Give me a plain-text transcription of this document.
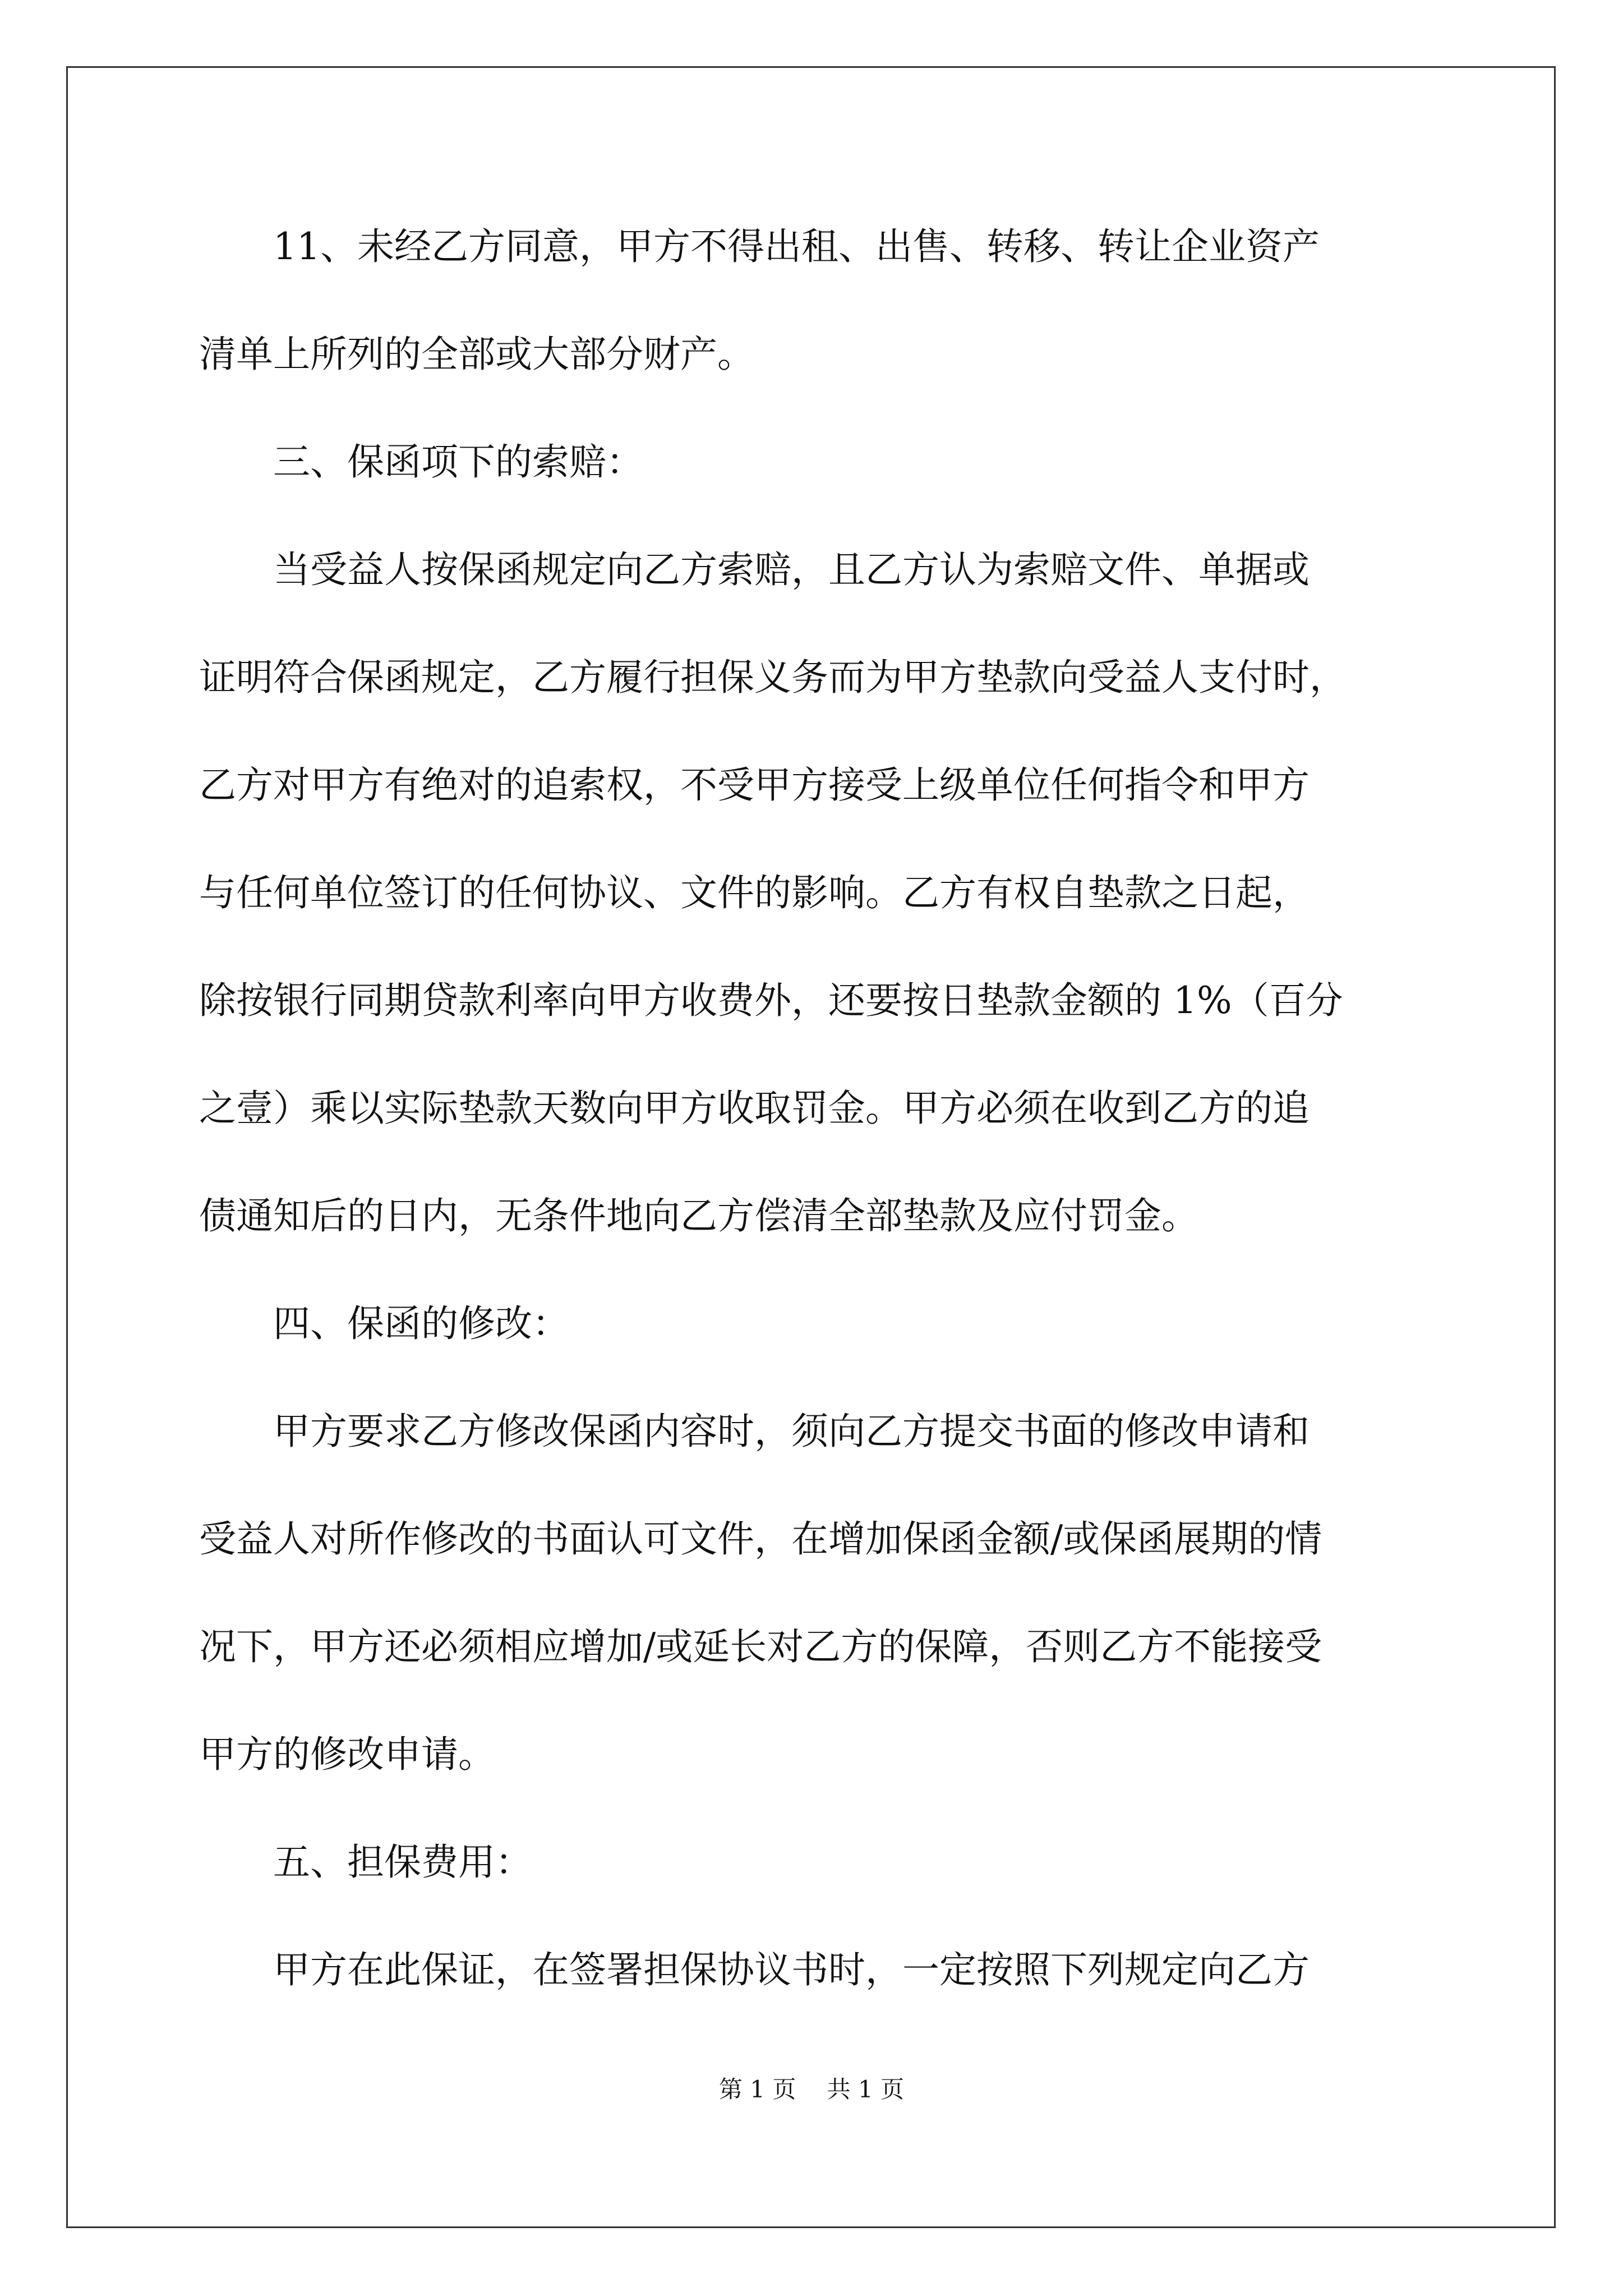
　　11、未经乙方同意，甲方不得出租、出售、转移、转让企业资产
清单上所列的全部或大部分财产。
　　三、保函项下的索赔：
　　当受益人按保函规定向乙方索赔，且乙方认为索赔文件、单据或
证明符合保函规定，乙方履行担保义务而为甲方垫款向受益人支付时，
乙方对甲方有绝对的追索权，不受甲方接受上级单位任何指令和甲方
与任何单位签订的任何协议、文件的影响。乙方有权自垫款之日起，
除按银行同期贷款利率向甲方收费外，还要按日垫款金额的 1%（百分
之壹）乘以实际垫款天数向甲方收取罚金。甲方必须在收到乙方的追
债通知后的日内，无条件地向乙方偿清全部垫款及应付罚金。
　　四、保函的修改：
　　甲方要求乙方修改保函内容时，须向乙方提交书面的修改申请和
受益人对所作修改的书面认可文件，在增加保函金额/或保函展期的情
况下，甲方还必须相应增加/或延长对乙方的保障，否则乙方不能接受
甲方的修改申请。
　　五、担保费用：
　　甲方在此保证，在签署担保协议书时，一定按照下列规定向乙方
第 1 页　 共 1 页
